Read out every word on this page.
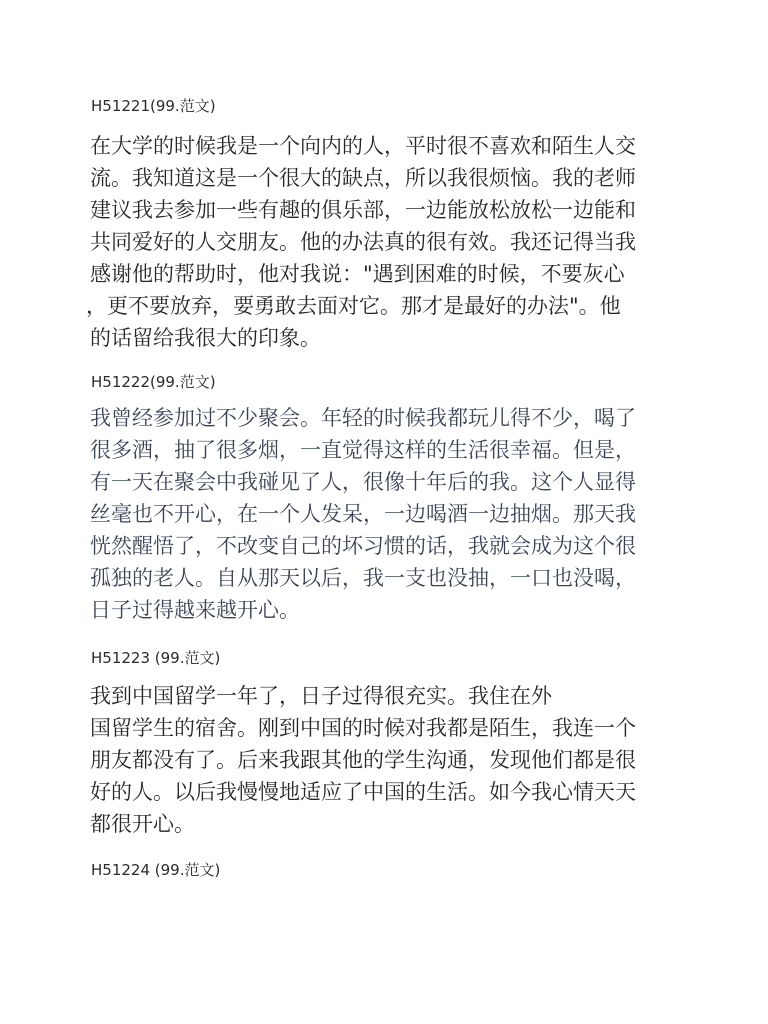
H51221(99.范文)
在大学的时候我是一个向内的人，平时很不喜欢和陌生人交
流。我知道这是一个很大的缺点，所以我很烦恼。我的老师
建议我去参加一些有趣的俱乐部，一边能放松放松一边能和
共同爱好的人交朋友。他的办法真的很有效。我还记得当我
感谢他的帮助时，他对我说："遇到困难的时候，不要灰心
，更不要放弃，要勇敢去面对它。那才是最好的办法"。他
的话留给我很大的印象。
H51222(99.范文)
我曾经参加过不少聚会。年轻的时候我都玩儿得不少，喝了
很多酒，抽了很多烟，一直觉得这样的生活很幸福。但是，
有一天在聚会中我碰见了人，很像十年后的我。这个人显得
丝毫也不开心，在一个人发呆，一边喝酒一边抽烟。那天我
恍然醒悟了，不改变自己的坏习惯的话，我就会成为这个很
孤独的老人。自从那天以后，我一支也没抽，一口也没喝，
日子过得越来越开心。
H51223 (99.范文)
我到中国留学一年了，日子过得很充实。我住在外
国留学生的宿舍。刚到中国的时候对我都是陌生，我连一个
朋友都没有了。后来我跟其他的学生沟通，发现他们都是很
好的人。以后我慢慢地适应了中国的生活。如今我心情天天
都很开心。
H51224 (99.范文)
